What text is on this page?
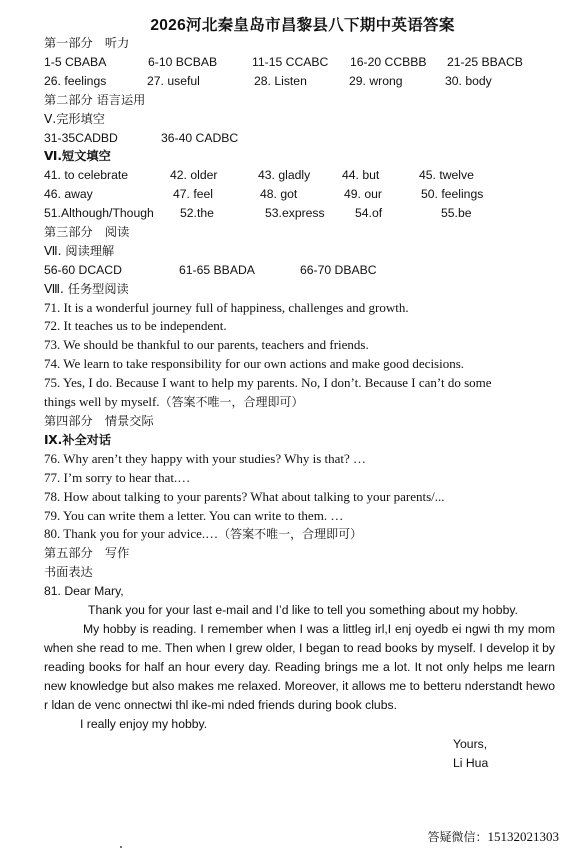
2026河北秦皇岛市昌黎县八下期中英语答案
第一部分　听力
1-5 CBABA	6-10 BCBAB	11-15 CCABC 16-20 CCBBB 21-25 BBACB
26. feelings	27. useful	28. Listen	29. wrong	30. body
第二部分 语言运用
Ⅴ.完形填空
31-35CADBD	36-40 CADBC
Ⅵ.短文填空
41. to celebrate	42. older	43. gladly	44. but	45. twelve
46. away	47. feel	48. got	49. our	50. feelings
51.Although/Though 52.the	53.express 54.of	55.be
第三部分　阅读
Ⅶ. 阅读理解
56-60 DCACD	61-65 BBADA	66-70 DBABC
Ⅷ. 任务型阅读
71. It is a wonderful journey full of happiness, challenges and growth.
72. It teaches us to be independent.
73. We should be thankful to our parents, teachers and friends.
74. We learn to take responsibility for our own actions and make good decisions.
75. Yes, I do. Because I want to help my parents. No, I don’t. Because I can’t do some
things well by myself.（答案不唯一，合理即可）
第四部分　情景交际
Ⅸ.补全对话
76. Why aren’t they happy with your studies? Why is that? …
77. I’m sorry to hear that.…
78. How about talking to your parents? What about talking to your parents/...
79. You can write them a letter. You can write to them. …
80. Thank you for your advice.…（答案不唯一，合理即可）
第五部分　写作
书面表达
81. Dear Mary,
Thank you for your last e-mail and I’d like to tell you something about my hobby.
My hobby is reading. I remember when I was a littleg irl,I enj oyedb ei ngwi th my mom when she read to me. Then when I grew older, I began to read books by myself. I develop it by reading books for half an hour every day. Reading brings me a lot. It not only helps me learn new knowledge but also makes me relaxed. Moreover, it allows me to betteru nderstandt hewo r ldan de venc onnectwi thl ike-mi nded friends during book clubs.
I really enjoy my hobby.
Yours,
Li Hua
答疑微信：15132021303
